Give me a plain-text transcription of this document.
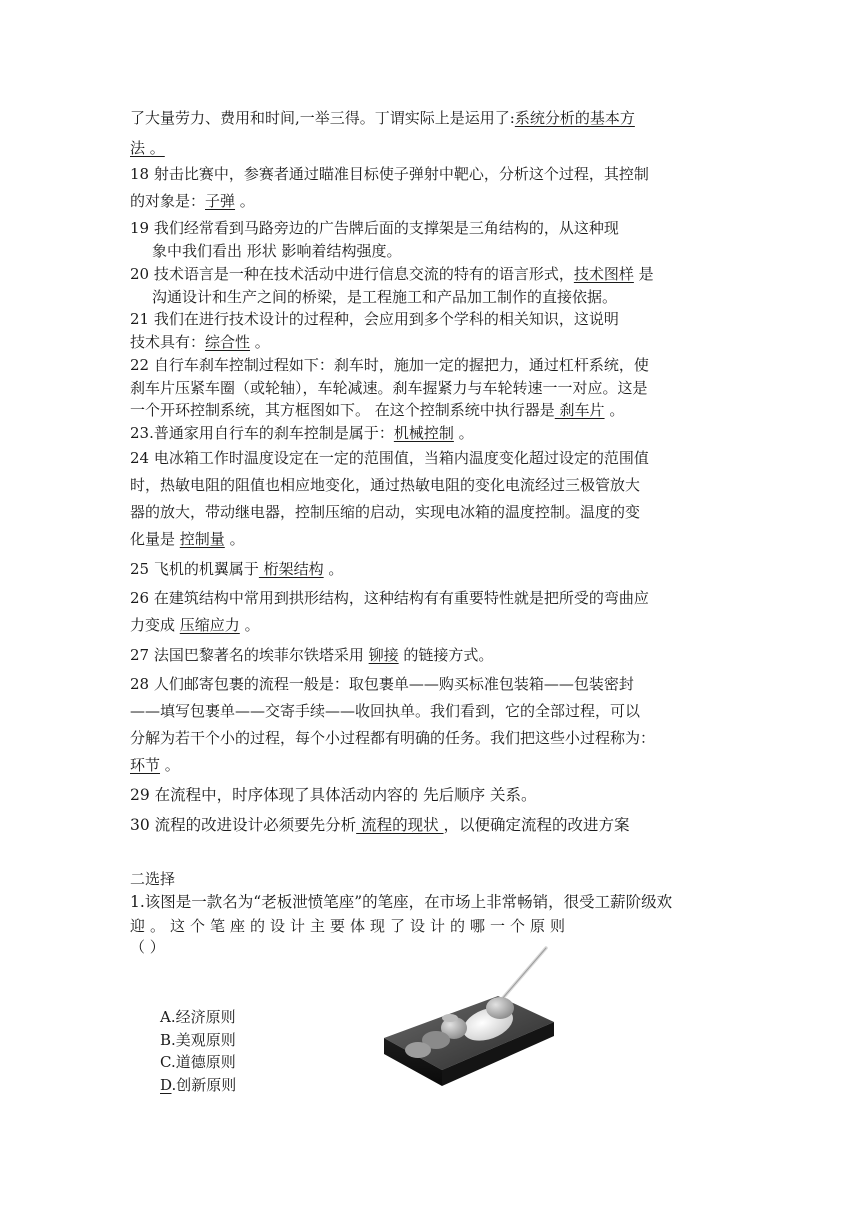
了大量劳力、费用和时间,一举三得。丁谓实际上是运用了:系统分析的基本方
法 。
18 射击比赛中，参赛者通过瞄准目标使子弹射中靶心，分析这个过程，其控制
的对象是：子弹 。
19 我们经常看到马路旁边的广告牌后面的支撑架是三角结构的，从这种现
象中我们看出 形状 影响着结构强度。
20 技术语言是一种在技术活动中进行信息交流的特有的语言形式，技术图样 是
沟通设计和生产之间的桥梁，是工程施工和产品加工制作的直接依据。
21 我们在进行技术设计的过程种，会应用到多个学科的相关知识，这说明
技术具有：综合性 。
22 自行车刹车控制过程如下：刹车时，施加一定的握把力，通过杠杆系统，使
刹车片压紧车圈（或轮轴），车轮减速。刹车握紧力与车轮转速一一对应。这是
一个开环控制系统，其方框图如下。 在这个控制系统中执行器是 刹车片 。
23.普通家用自行车的刹车控制是属于：机械控制 。
24 电冰箱工作时温度设定在一定的范围值，当箱内温度变化超过设定的范围值
时，热敏电阻的阻值也相应地变化，通过热敏电阻的变化电流经过三极管放大
器的放大，带动继电器，控制压缩的启动，实现电冰箱的温度控制。温度的变
化量是 控制量 。
25 飞机的机翼属于 桁架结构 。
26 在建筑结构中常用到拱形结构，这种结构有有重要特性就是把所受的弯曲应
力变成 压缩应力 。
27 法国巴黎著名的埃菲尔铁塔采用 铆接 的链接方式。
28 人们邮寄包裹的流程一般是：取包裹单——购买标准包装箱——包装密封
——填写包裹单——交寄手续——收回执单。我们看到，它的全部过程，可以
分解为若干个小的过程，每个小过程都有明确的任务。我们把这些小过程称为：
环节 。
29 在流程中，时序体现了具体活动内容的 先后顺序 关系。
30 流程的改进设计必须要先分析 流程的现状 ，以便确定流程的改进方案
二选择
1.该图是一款名为“老板泄愤笔座”的笔座，在市场上非常畅销，很受工薪阶级欢
迎。这个笔座的设计主要体现了设计的哪一个原则
（ ）
A.经济原则
B.美观原则
C.道德原则
D.创新原则
